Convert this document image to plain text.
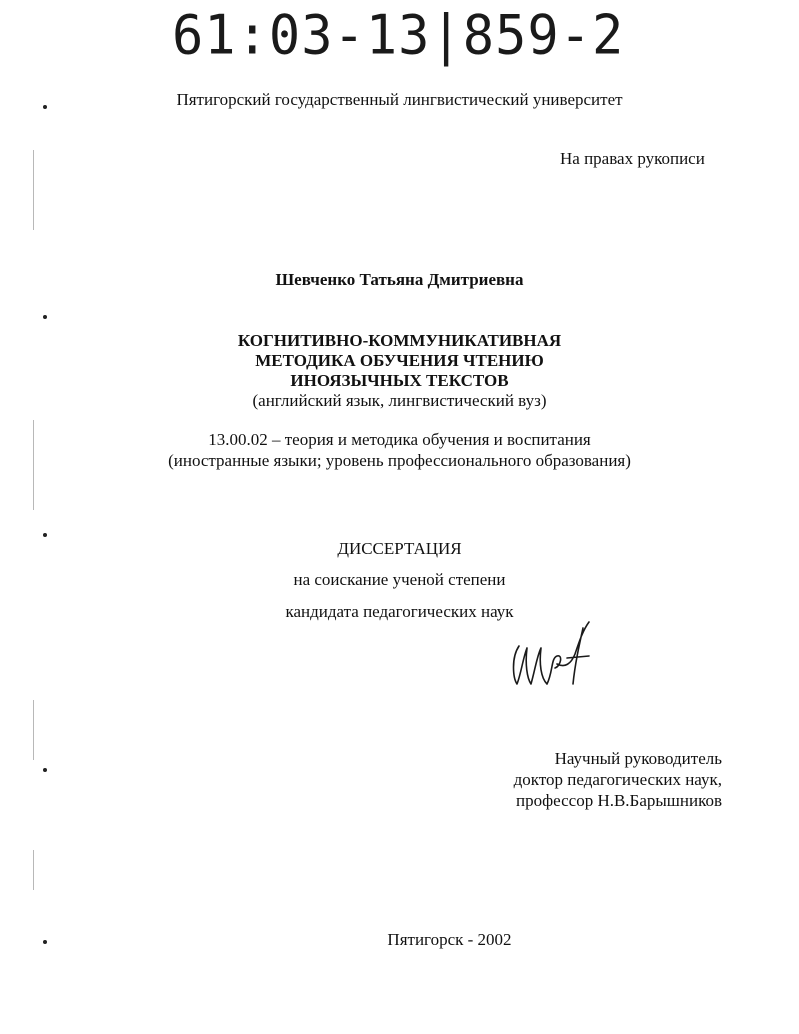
61:03-13|859-2
Пятигорский государственный лингвистический университет
На правах рукописи
Шевченко Татьяна Дмитриевна
КОГНИТИВНО-КОММУНИКАТИВНАЯ
МЕТОДИКА ОБУЧЕНИЯ ЧТЕНИЮ
ИНОЯЗЫЧНЫХ ТЕКСТОВ
(английский язык, лингвистический вуз)
13.00.02 – теория и методика обучения и воспитания
(иностранные языки; уровень профессионального образования)
ДИССЕРТАЦИЯ
на соискание ученой степени
кандидата педагогических наук
Научный руководитель
доктор педагогических наук,
профессор Н.В.Барышников
Пятигорск - 2002
